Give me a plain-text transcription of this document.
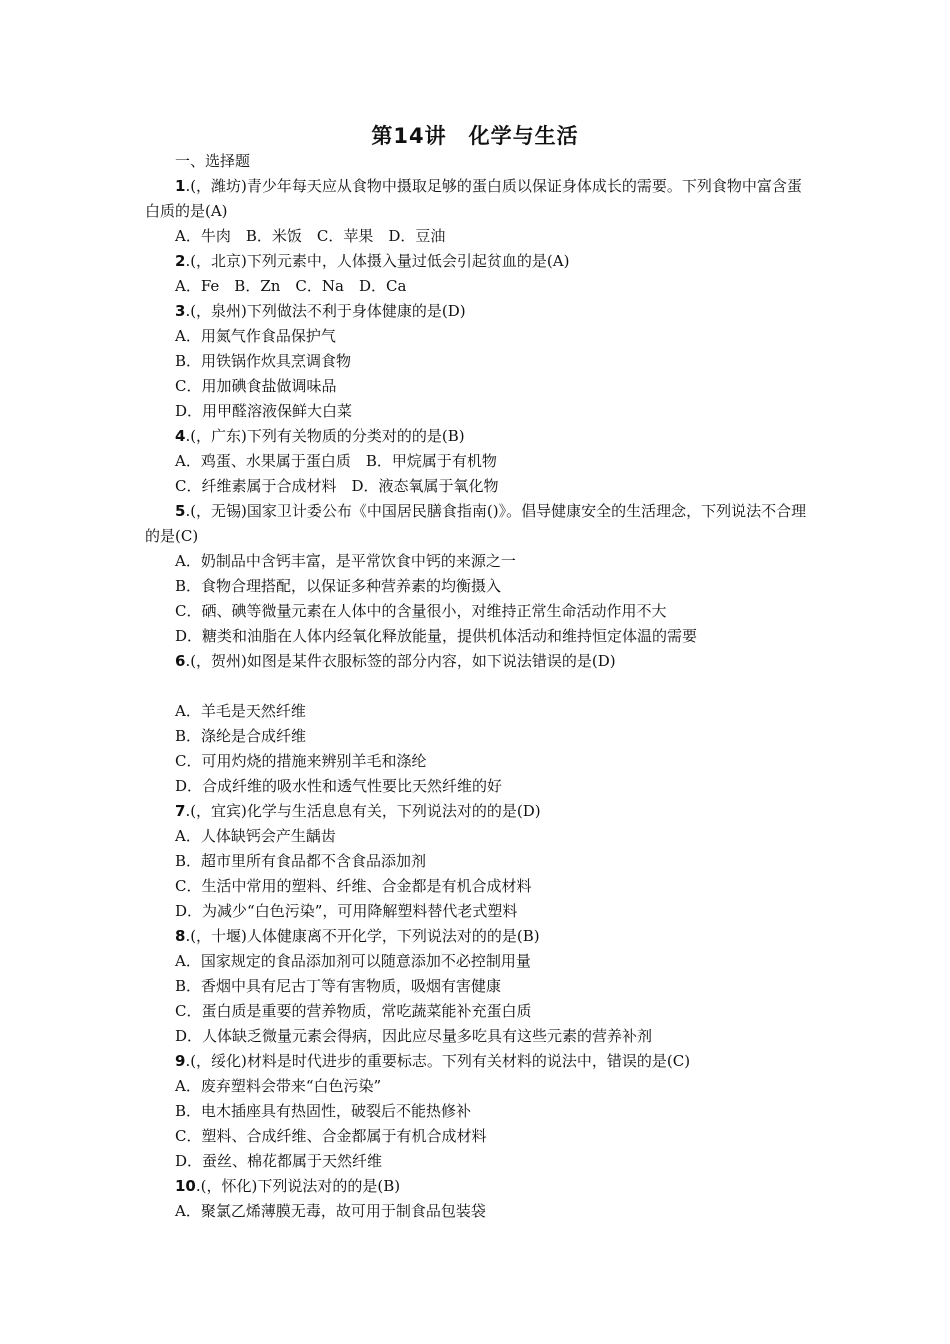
第14讲　化学与生活
一、选择题
1.(，潍坊)青少年每天应从食物中摄取足够的蛋白质以保证身体成长的需要。下列食物中富含蛋白质的是(A)
A．牛肉　B．米饭　C．苹果　D．豆油
2.(，北京)下列元素中，人体摄入量过低会引起贫血的是(A)
A．Fe　B．Zn　C．Na　D．Ca
3.(，泉州)下列做法不利于身体健康的是(D)
A．用氮气作食品保护气
B．用铁锅作炊具烹调食物
C．用加碘食盐做调味品
D．用甲醛溶液保鲜大白菜
4.(，广东)下列有关物质的分类对的的是(B)
A．鸡蛋、水果属于蛋白质　B．甲烷属于有机物
C．纤维素属于合成材料　D．液态氧属于氧化物
5.(，无锡)国家卫计委公布《中国居民膳食指南()》。倡导健康安全的生活理念，下列说法不合理的是(C)
A．奶制品中含钙丰富，是平常饮食中钙的来源之一
B．食物合理搭配，以保证多种营养素的均衡摄入
C．硒、碘等微量元素在人体中的含量很小，对维持正常生命活动作用不大
D．糖类和油脂在人体内经氧化释放能量，提供机体活动和维持恒定体温的需要
6.(，贺州)如图是某件衣服标签的部分内容，如下说法错误的是(D)
A．羊毛是天然纤维
B．涤纶是合成纤维
C．可用灼烧的措施来辨别羊毛和涤纶
D．合成纤维的吸水性和透气性要比天然纤维的好
7.(，宜宾)化学与生活息息有关，下列说法对的的是(D)
A．人体缺钙会产生龋齿
B．超市里所有食品都不含食品添加剂
C．生活中常用的塑料、纤维、合金都是有机合成材料
D．为减少“白色污染”，可用降解塑料替代老式塑料
8.(，十堰)人体健康离不开化学，下列说法对的的是(B)
A．国家规定的食品添加剂可以随意添加不必控制用量
B．香烟中具有尼古丁等有害物质，吸烟有害健康
C．蛋白质是重要的营养物质，常吃蔬菜能补充蛋白质
D．人体缺乏微量元素会得病，因此应尽量多吃具有这些元素的营养补剂
9.(，绥化)材料是时代进步的重要标志。下列有关材料的说法中，错误的是(C)
A．废弃塑料会带来“白色污染”
B．电木插座具有热固性，破裂后不能热修补
C．塑料、合成纤维、合金都属于有机合成材料
D．蚕丝、棉花都属于天然纤维
10.(，怀化)下列说法对的的是(B)
A．聚氯乙烯薄膜无毒，故可用于制食品包装袋
